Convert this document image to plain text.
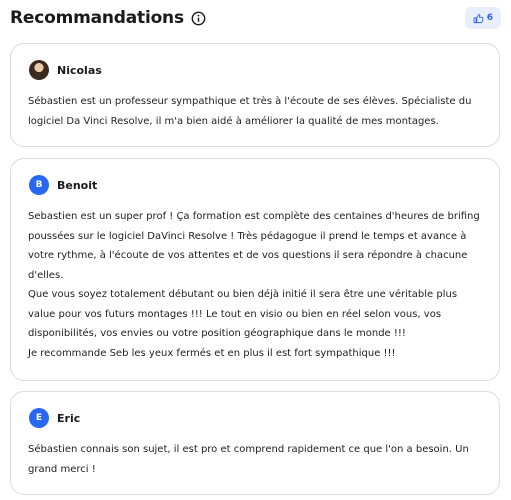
Recommandations	6
Nicolas

Sébastien est un professeur sympathique et très à l'écoute de ses élèves. Spécialiste du
logiciel Da Vinci Resolve, il m'a bien aidé à améliorer la qualité de mes montages.

B	Benoit

Sebastien est un super prof ! Ça formation est complète des centaines d'heures de brifing
poussées sur le logiciel DaVinci Resolve ! Très pédagogue il prend le temps et avance à
votre rythme, à l'écoute de vos attentes et de vos questions il sera répondre à chacune
d'elles.
Que vous soyez totalement débutant ou bien déjà initié il sera être une véritable plus
value pour vos futurs montages !!! Le tout en visio ou bien en réel selon vous, vos
disponibilités, vos envies ou votre position géographique dans le monde !!!
Je recommande Seb les yeux fermés et en plus il est fort sympathique !!!

E	Eric

Sébastien connais son sujet, il est pro et comprend rapidement ce que l'on a besoin. Un
grand merci !
